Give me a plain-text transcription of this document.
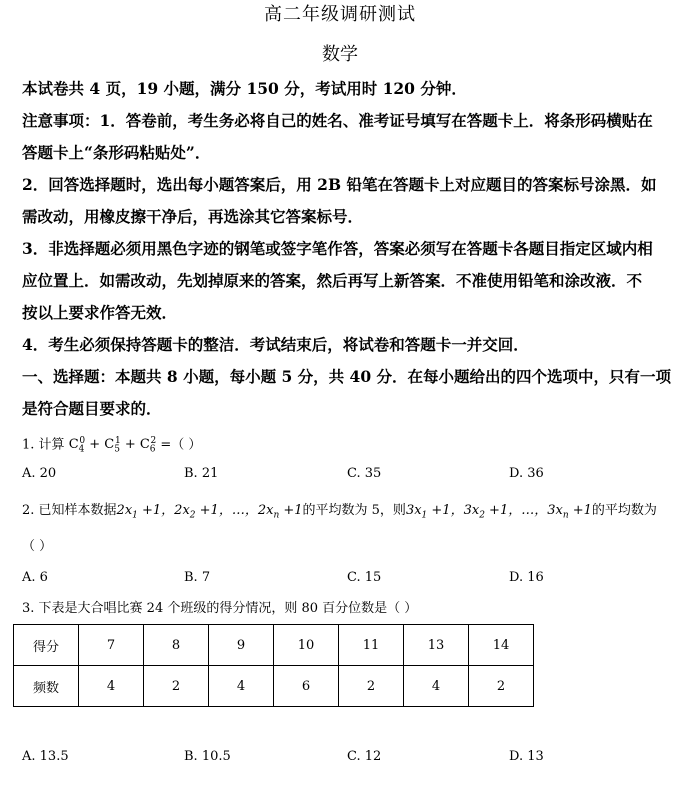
高二年级调研测试
数学
本试卷共 4 页，19 小题，满分 150 分，考试用时 120 分钟．
注意事项：1．答卷前，考生务必将自己的姓名、准考证号填写在答题卡上．将条形码横贴在
答题卡上“条形码粘贴处”．
2．回答选择题时，选出每小题答案后，用 2B 铅笔在答题卡上对应题目的答案标号涂黑．如
需改动，用橡皮擦干净后，再选涂其它答案标号．
3．非选择题必须用黑色字迹的钢笔或签字笔作答，答案必须写在答题卡各题目指定区域内相
应位置上．如需改动，先划掉原来的答案，然后再写上新答案．不准使用铅笔和涂改液．不
按以上要求作答无效．
4．考生必须保持答题卡的整洁．考试结束后，将试卷和答题卡一并交回．
一、选择题：本题共 8 小题，每小题 5 分，共 40 分．在每小题给出的四个选项中，只有一项
是符合题目要求的．
1. 计算 $C_4^0 + C_5^1 + C_6^2$ =（ ）
A. 20	B. 21	C. 35	D. 36
2. 已知样本数据$2x_1 +1$，$2x_2 +1$，…，$2x_n +1$的平均数为 5，则$3x_1 +1$，$3x_2 +1$，…，$3x_n +1$的平均数为
（ ）
A. 6	B. 7	C. 15	D. 16
3. 下表是大合唱比赛 24 个班级的得分情况，则 80 百分位数是（ ）
得分	7	8	9	10	11	13	14
频数	4	2	4	6	2	4	2
A. 13.5	B. 10.5	C. 12	D. 13
